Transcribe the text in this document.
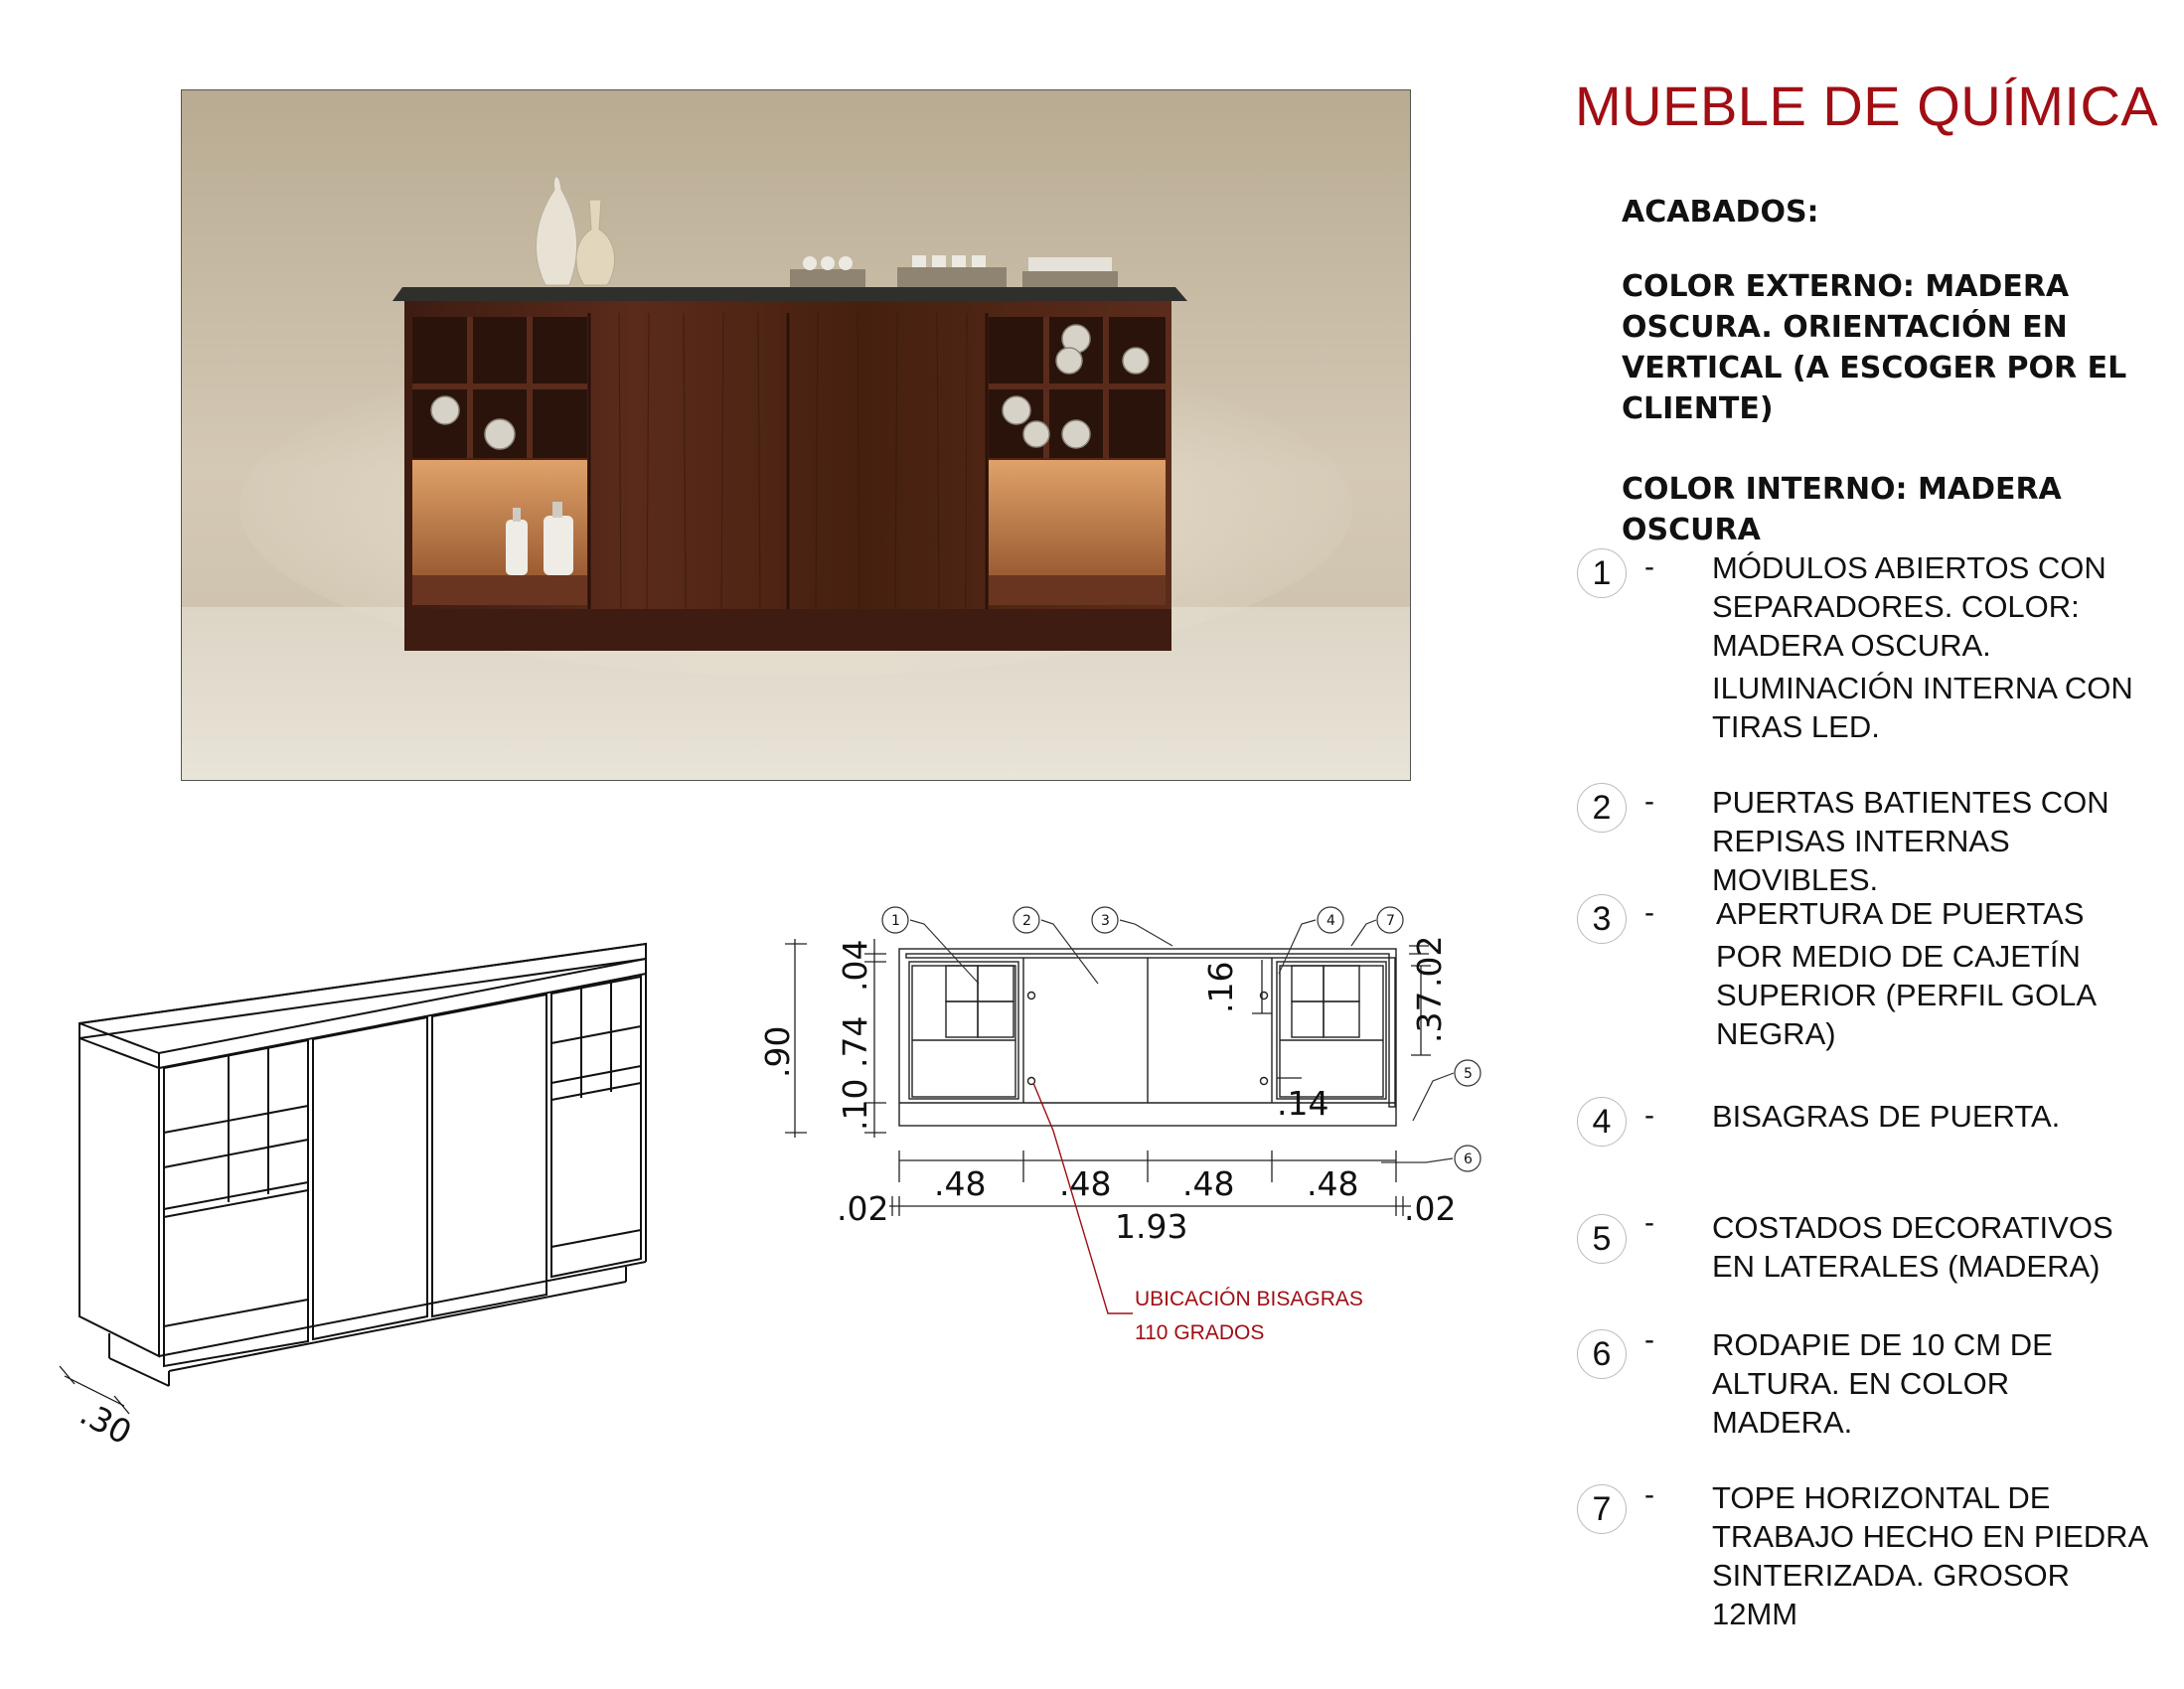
MUEBLE DE QUÍMICA
ACABADOS:
COLOR EXTERNO: MADERA
OSCURA. ORIENTACIÓN EN
VERTICAL (A ESCOGER POR EL
CLIENTE)
COLOR INTERNO: MADERA OSCURA
1	- MÓDULOS ABIERTOS CON
SEPARADORES. COLOR:
MADERA OSCURA.
ILUMINACIÓN INTERNA CON
TIRAS LED.
2	- PUERTAS BATIENTES CON
REPISAS INTERNAS
MOVIBLES.
3	- APERTURA DE PUERTAS
POR MEDIO DE CAJETÍN
SUPERIOR (PERFIL GOLA
NEGRA)
4	- BISAGRAS DE PUERTA.
5	- COSTADOS DECORATIVOS
EN LATERALES (MADERA)
6	- RODAPIE DE 10 CM DE
ALTURA. EN COLOR
MADERA.
7	- TOPE HORIZONTAL DE
TRABAJO HECHO EN PIEDRA
SINTERIZADA. GROSOR
12MM
.30
1	2	3	4	7
5
6
.90
.04
.74
.10
.48 .48 .48 .48
1.93
.02	.02
.16	.02
.37
.14
UBICACIÓN BISAGRAS
110 GRADOS
